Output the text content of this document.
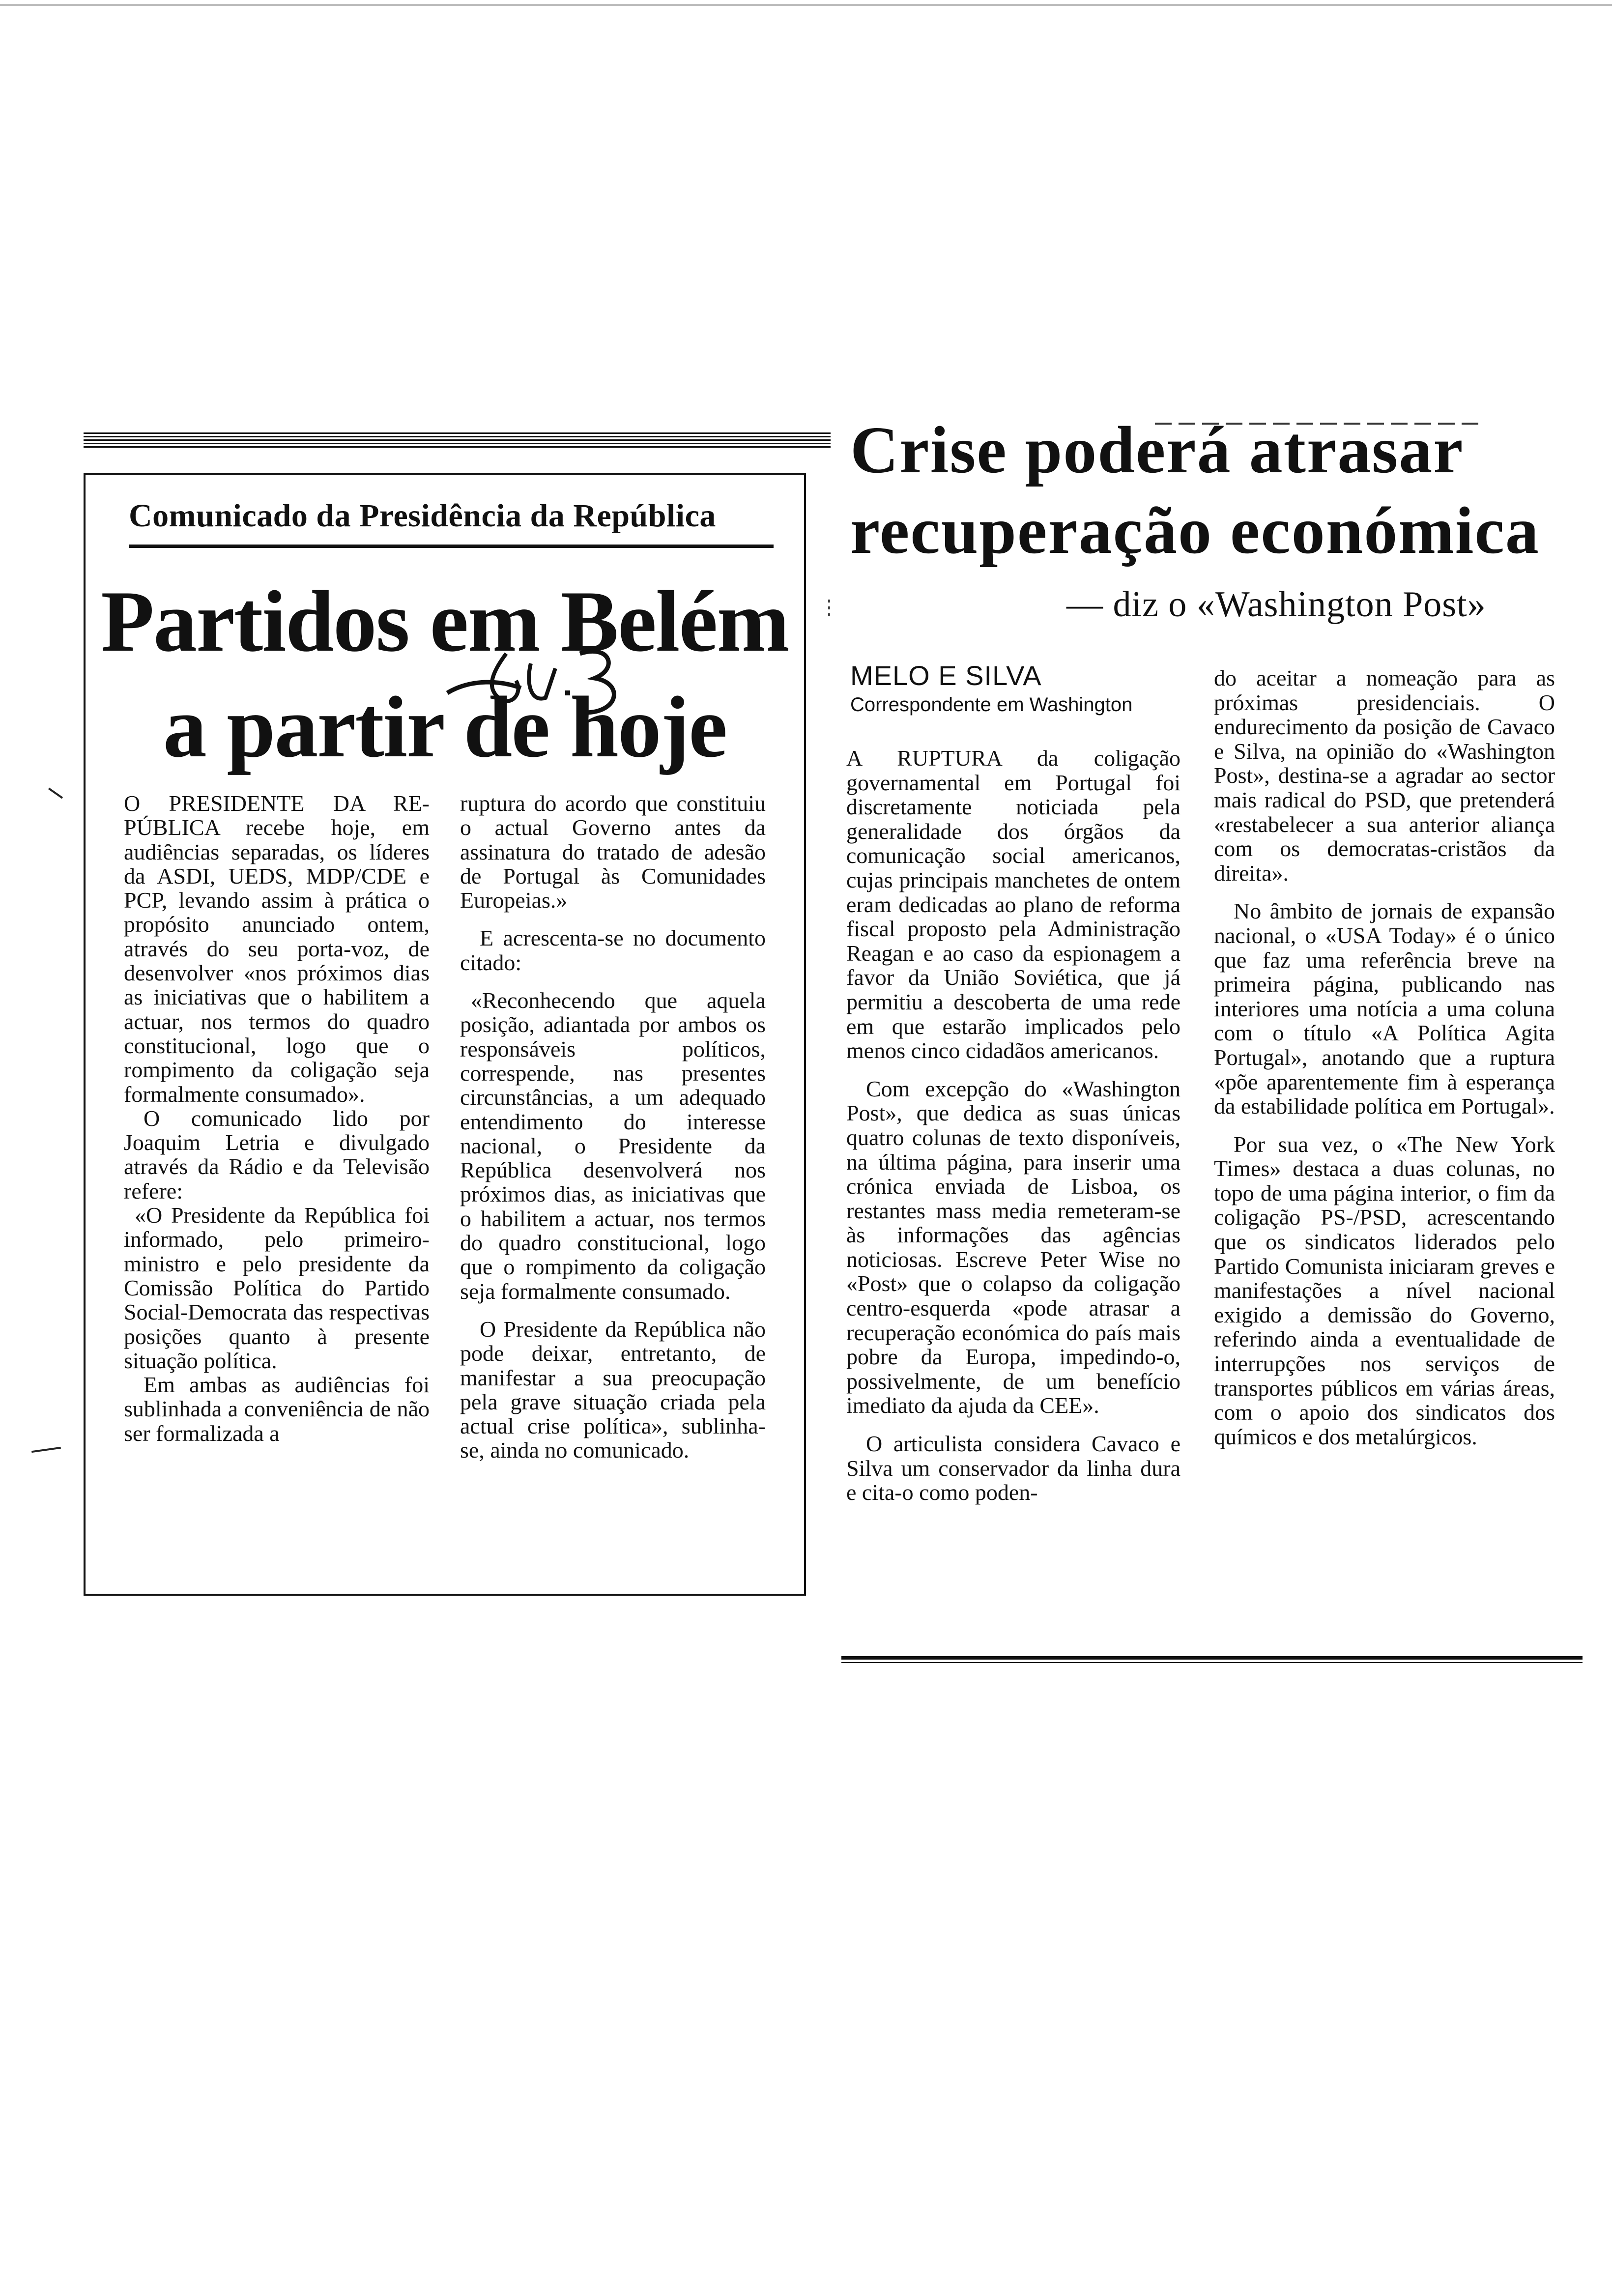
Comunicado da Presidência da República
Partidos em Belém
a partir de hoje

O PRESIDENTE DA RE-PÚBLICA recebe hoje, em audiências separadas, os líderes da ASDI, UEDS, MDP/CDE e PCP, levando assim à prática o propósito anunciado ontem, através do seu porta-voz, de desenvolver «nos próximos dias as iniciativas que o habilitem a actuar, nos termos do quadro constitucional, logo que o rompimento da coligação seja formalmente consumado».

O comunicado lido por Joaquim Letria e divulgado através da Rádio e da Televisão refere:

«O Presidente da República foi informado, pelo primeiro-ministro e pelo presidente da Comissão Política do Partido Social-Democrata das respectivas posições quanto à presente situação política.

Em ambas as audiências foi sublinhada a conveniência de não ser formalizada a

ruptura do acordo que constituiu o actual Governo antes da assinatura do tratado de adesão de Portugal às Comunidades Europeias.»

E acrescenta-se no documento citado:

«Reconhecendo que aquela posição, adiantada por ambos os responsáveis políticos, correspende, nas presentes circunstâncias, a um adequado entendimento do interesse nacional, o Presidente da República desenvolverá nos próximos dias, as iniciativas que o habilitem a actuar, nos termos do quadro constitucional, logo que o rompimento da coligação seja formalmente consumado.

O Presidente da República não pode deixar, entretanto, de manifestar a sua preocupação pela grave situação criada pela actual crise política», sublinha-se, ainda no comunicado.

Crise poderá atrasar
recuperação económica
— diz o «Washington Post»
MELO E SILVA
Correspondente em Washington

A RUPTURA da coligação governamental em Portugal foi discretamente noticiada pela generalidade dos órgãos da comunicação social americanos, cujas principais manchetes de ontem eram dedicadas ao plano de reforma fiscal proposto pela Administração Reagan e ao caso da espionagem a favor da União Soviética, que já permitiu a descoberta de uma rede em que estarão implicados pelo menos cinco cidadãos americanos.

Com excepção do «Washington Post», que dedica as suas únicas quatro colunas de texto disponíveis, na última página, para inserir uma crónica enviada de Lisboa, os restantes mass media remeteram-se às informações das agências noticiosas. Escreve Peter Wise no «Post» que o colapso da coligação centro-esquerda «pode atrasar a recuperação económica do país mais pobre da Europa, impedindo-o, possivelmente, de um benefício imediato da ajuda da CEE».

O articulista considera Cavaco e Silva um conservador da linha dura e cita-o como poden-

do aceitar a nomeação para as próximas presidenciais. O endurecimento da posição de Cavaco e Silva, na opinião do «Washington Post», destina-se a agradar ao sector mais radical do PSD, que pretenderá «restabelecer a sua anterior aliança com os democratas-cristãos da direita».

No âmbito de jornais de expansão nacional, o «USA Today» é o único que faz uma referência breve na primeira página, publicando nas interiores uma notícia a uma coluna com o título «A Política Agita Portugal», anotando que a ruptura «põe aparentemente fim à esperança da estabilidade política em Portugal».

Por sua vez, o «The New York Times» destaca a duas colunas, no topo de uma página interior, o fim da coligação PS-/PSD, acrescentando que os sindicatos liderados pelo Partido Comunista iniciaram greves e manifestações a nível nacional exigido a demissão do Governo, referindo ainda a eventualidade de interrupções nos serviços de transportes públicos em várias áreas, com o apoio dos sindicatos dos químicos e dos metalúrgicos.
